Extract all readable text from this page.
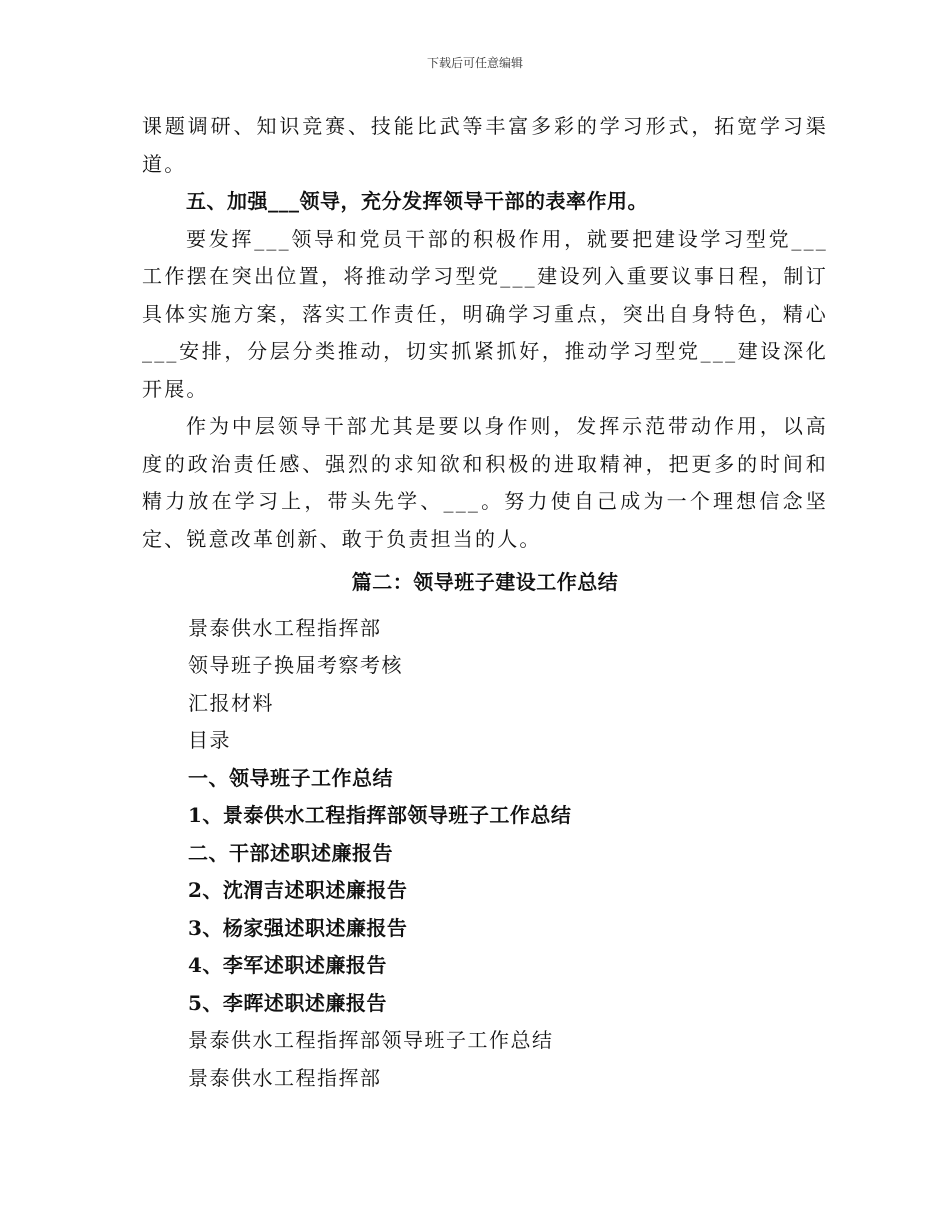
下载后可任意编辑

课题调研、知识竞赛、技能比武等丰富多彩的学习形式，拓宽学习渠道。

五、加强___领导，充分发挥领导干部的表率作用。

要发挥___领导和党员干部的积极作用，就要把建设学习型党___工作摆在突出位置，将推动学习型党___建设列入重要议事日程，制订具体实施方案，落实工作责任，明确学习重点，突出自身特色，精心___安排，分层分类推动，切实抓紧抓好，推动学习型党___建设深化开展。

作为中层领导干部尤其是要以身作则，发挥示范带动作用，以高度的政治责任感、强烈的求知欲和积极的进取精神，把更多的时间和精力放在学习上，带头先学、___。努力使自己成为一个理想信念坚定、锐意改革创新、敢于负责担当的人。

篇二：领导班子建设工作总结

景泰供水工程指挥部

领导班子换届考察考核

汇报材料

目录

一、领导班子工作总结

1、景泰供水工程指挥部领导班子工作总结

二、干部述职述廉报告

2、沈渭吉述职述廉报告

3、杨家强述职述廉报告

4、李军述职述廉报告

5、李晖述职述廉报告

景泰供水工程指挥部领导班子工作总结

景泰供水工程指挥部
